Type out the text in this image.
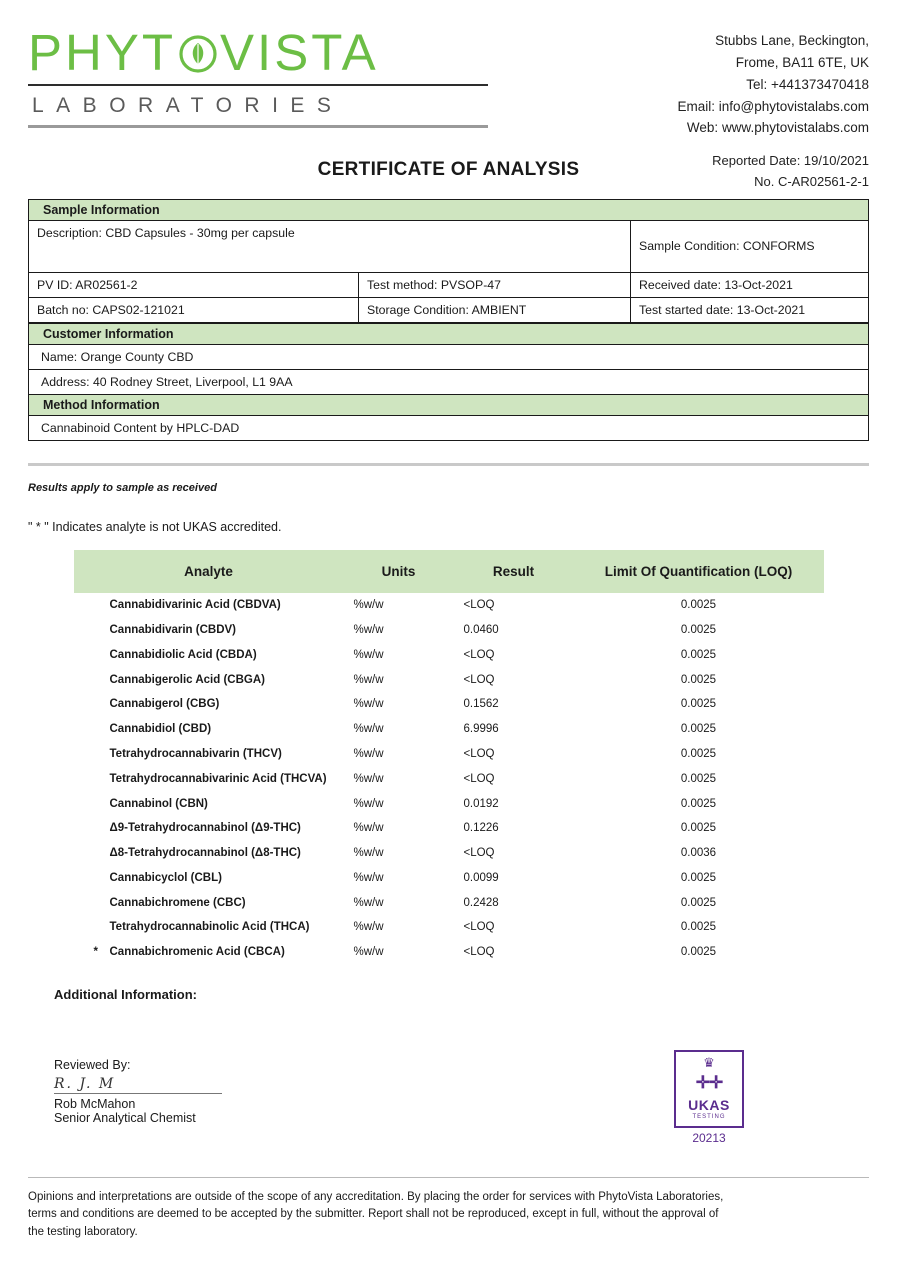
PHYT VISTA
LABORATORIES
Stubbs Lane, Beckington,
Frome, BA11 6TE, UK
Tel: +441373470418
Email: info@phytovistalabs.com
Web: www.phytovistalabs.com
Reported Date: 19/10/2021
No. C-AR02561-2-1
CERTIFICATE OF ANALYSIS
Sample Information
Description: CBD Capsules - 30mg per capsule
Sample Condition: CONFORMS
PV ID: AR02561-2	Test method: PVSOP-47	Received date: 13-Oct-2021
Batch no: CAPS02-121021	Storage Condition: AMBIENT	Test started date: 13-Oct-2021
Customer Information
Name: Orange County CBD
Address: 40 Rodney Street, Liverpool, L1 9AA
Method Information
Cannabinoid Content by HPLC-DAD
Results apply to sample as received
" * " Indicates analyte is not UKAS accredited.
Analyte	Units	Result	Limit Of Quantification (LOQ)

Cannabidivarinic Acid (CBDVA)	%w/w	<LOQ	0.0025

Cannabidivarin (CBDV)	%w/w	0.0460	0.0025

Cannabidiolic Acid (CBDA)	%w/w	<LOQ	0.0025

Cannabigerolic Acid (CBGA)	%w/w	<LOQ	0.0025

Cannabigerol (CBG)	%w/w	0.1562	0.0025

Cannabidiol (CBD)	%w/w	6.9996	0.0025

Tetrahydrocannabivarin (THCV)	%w/w	<LOQ	0.0025

Tetrahydrocannabivarinic Acid (THCVA)	%w/w	<LOQ	0.0025

Cannabinol (CBN)	%w/w	0.0192	0.0025

Δ9-Tetrahydrocannabinol (Δ9-THC)	%w/w	0.1226	0.0025

Δ8-Tetrahydrocannabinol (Δ8-THC)	%w/w	<LOQ	0.0036

Cannabicyclol (CBL)	%w/w	0.0099	0.0025

Cannabichromene (CBC)	%w/w	0.2428	0.0025

Tetrahydrocannabinolic Acid (THCA)	%w/w	<LOQ	0.0025

* Cannabichromenic Acid (CBCA)	%w/w	<LOQ	0.0025
Additional Information:
Reviewed By:
R. J. M
Rob McMahon
Senior Analytical Chemist
♛
✛✛
UKAS
TESTING
20213
Opinions and interpretations are outside of the scope of any accreditation. By placing the order for services with PhytoVista Laboratories,
terms and conditions are deemed to be accepted by the submitter. Report shall not be reproduced, except in full, without the approval of
the testing laboratory.
